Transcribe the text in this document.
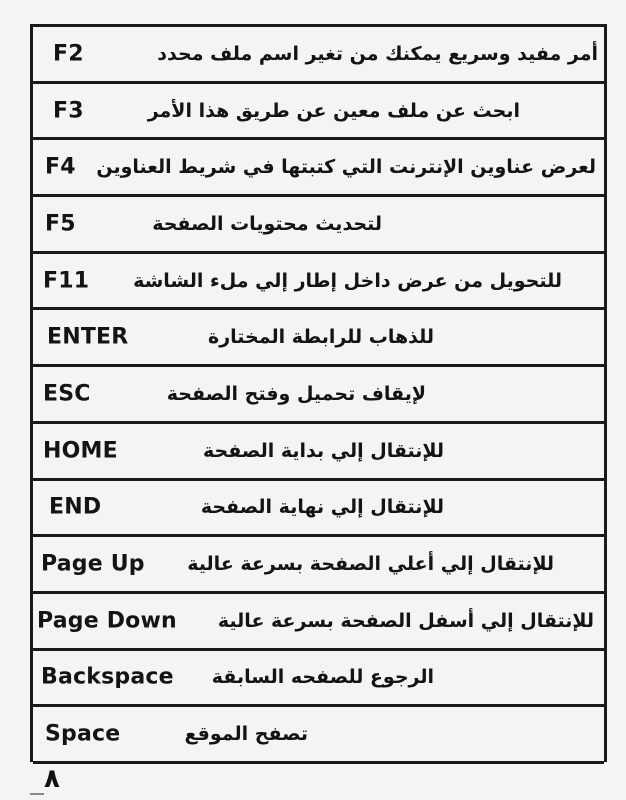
F2	أمر مفيد وسريع يمكنك من تغير اسم ملف محدد
F3	ابحث عن ملف معين عن طريق هذا الأمر
F4 لعرض عناوين الإنترنت التي كتبتها في شريط العناوين
F5	لتحديث محتويات الصفحة
F11 للتحويل من عرض داخل إطار إلي ملء الشاشة
ENTER	للذهاب للرابطة المختارة
ESC	لإيقاف تحميل وفتح الصفحة
HOME	للإنتقال إلي بداية الصفحة
END	للإنتقال إلي نهاية الصفحة
Page Up للإنتقال إلي أعلي الصفحة بسرعة عالية
Page Down للإنتقال إلي أسفل الصفحة بسرعة عالية
Backspace الرجوع للصفحه السابقة
Space	تصفح الموقع
٨
